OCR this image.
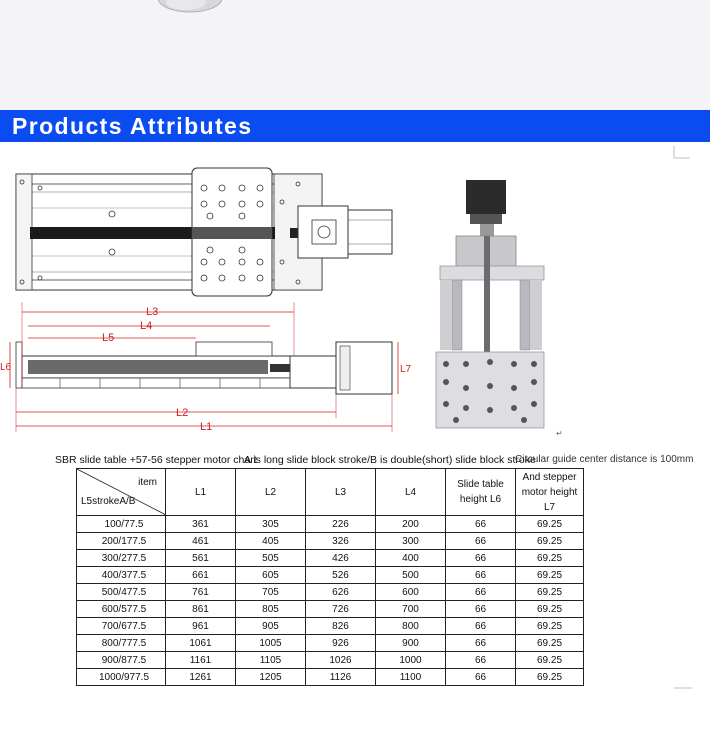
Products Attributes
L3
L4
L5
L2
L1
L6	L7
↵
SBR slide table +57-56 stepper motor chart
A is long slide block stroke/B is double(short) slide block stroke
Circular guide center distance is 100mm
item
L5strokeA/B	L1	L2	L3	L4	Slide table height L6	And stepper motor height L7
100/77.5	361	305	226	200	66	69.25
200/177.5	461	405	326	300	66	69.25
300/277.5	561	505	426	400	66	69.25
400/377.5	661	605	526	500	66	69.25
500/477.5	761	705	626	600	66	69.25
600/577.5	861	805	726	700	66	69.25
700/677.5	961	905	826	800	66	69.25
800/777.5	1061	1005	926	900	66	69.25
900/877.5	1161	1105	1026	1000	66	69.25
1000/977.5	1261	1205	1126	1100	66	69.25
